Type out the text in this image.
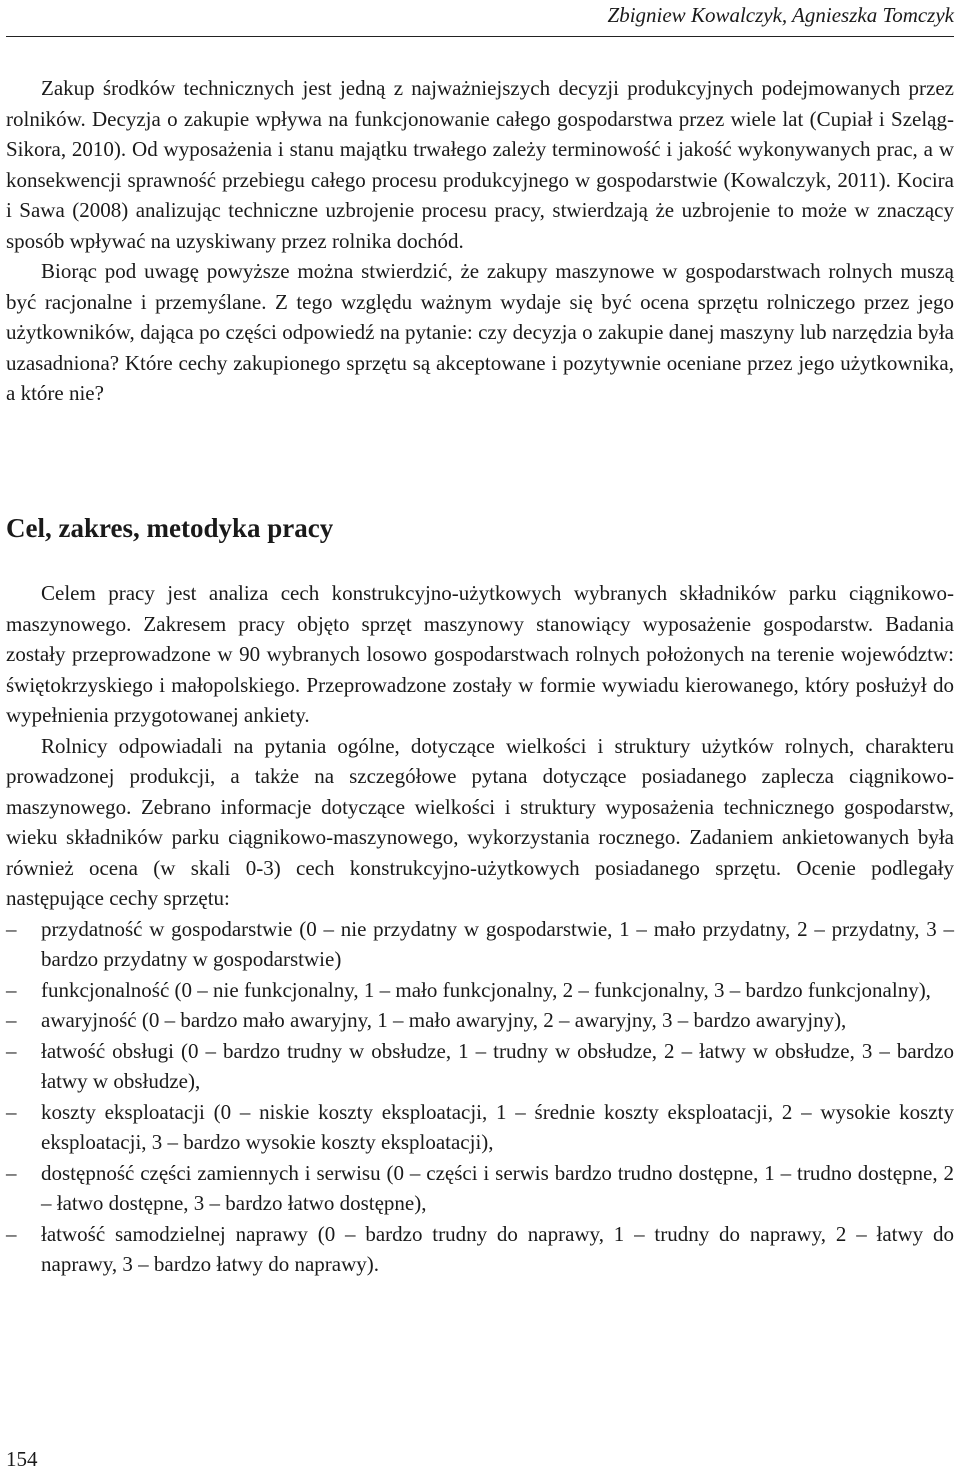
Zbigniew Kowalczyk, Agnieszka Tomczyk

Zakup środków technicznych jest jedną z najważniejszych decyzji produkcyjnych podejmowanych przez rolników. Decyzja o zakupie wpływa na funkcjonowanie całego gospodarstwa przez wiele lat (Cupiał i Szeląg-Sikora, 2010). Od wyposażenia i stanu majątku trwałego zależy terminowość i jakość wykonywanych prac, a w konsekwencji sprawność przebiegu całego procesu produkcyjnego w gospodarstwie (Kowalczyk, 2011). Kocira i Sawa (2008) analizując techniczne uzbrojenie procesu pracy, stwierdzają że uzbrojenie to może w znaczący sposób wpływać na uzyskiwany przez rolnika dochód.

Biorąc pod uwagę powyższe można stwierdzić, że zakupy maszynowe w gospodarstwach rolnych muszą być racjonalne i przemyślane. Z tego względu ważnym wydaje się być ocena sprzętu rolniczego przez jego użytkowników, dająca po części odpowiedź na pytanie: czy decyzja o zakupie danej maszyny lub narzędzia była uzasadniona? Które cechy zakupionego sprzętu są akceptowane i pozytywnie oceniane przez jego użytkownika, a które nie?

Cel, zakres, metodyka pracy

Celem pracy jest analiza cech konstrukcyjno-użytkowych wybranych składników parku ciągnikowo-maszynowego. Zakresem pracy objęto sprzęt maszynowy stanowiący wyposażenie gospodarstw. Badania zostały przeprowadzone w 90 wybranych losowo gospodarstwach rolnych położonych na terenie województw: świętokrzyskiego i małopolskiego. Przeprowadzone zostały w formie wywiadu kierowanego, który posłużył do wypełnienia przygotowanej ankiety.

Rolnicy odpowiadali na pytania ogólne, dotyczące wielkości i struktury użytków rolnych, charakteru prowadzonej produkcji, a także na szczegółowe pytana dotyczące posiadanego zaplecza ciągnikowo-maszynowego. Zebrano informacje dotyczące wielkości i struktury wyposażenia technicznego gospodarstw, wieku składników parku ciągnikowo-maszynowego, wykorzystania rocznego. Zadaniem ankietowanych była również ocena (w skali 0-3) cech konstrukcyjno-użytkowych posiadanego sprzętu. Ocenie podlegały następujące cechy sprzętu:

– przydatność w gospodarstwie (0 – nie przydatny w gospodarstwie, 1 – mało przydatny, 2 – przydatny, 3 – bardzo przydatny w gospodarstwie)
– funkcjonalność (0 – nie funkcjonalny, 1 – mało funkcjonalny, 2 – funkcjonalny, 3 – bardzo funkcjonalny),
– awaryjność (0 – bardzo mało awaryjny, 1 – mało awaryjny, 2 – awaryjny, 3 – bardzo awaryjny),
– łatwość obsługi (0 – bardzo trudny w obsłudze, 1 – trudny w obsłudze, 2 – łatwy w obsłudze, 3 – bardzo łatwy w obsłudze),
– koszty eksploatacji (0 – niskie koszty eksploatacji, 1 – średnie koszty eksploatacji, 2 – wysokie koszty eksploatacji, 3 – bardzo wysokie koszty eksploatacji),
– dostępność części zamiennych i serwisu (0 – części i serwis bardzo trudno dostępne, 1 – trudno dostępne, 2 – łatwo dostępne, 3 – bardzo łatwo dostępne),
– łatwość samodzielnej naprawy (0 – bardzo trudny do naprawy, 1 – trudny do naprawy, 2 – łatwy do naprawy, 3 – bardzo łatwy do naprawy).
154
